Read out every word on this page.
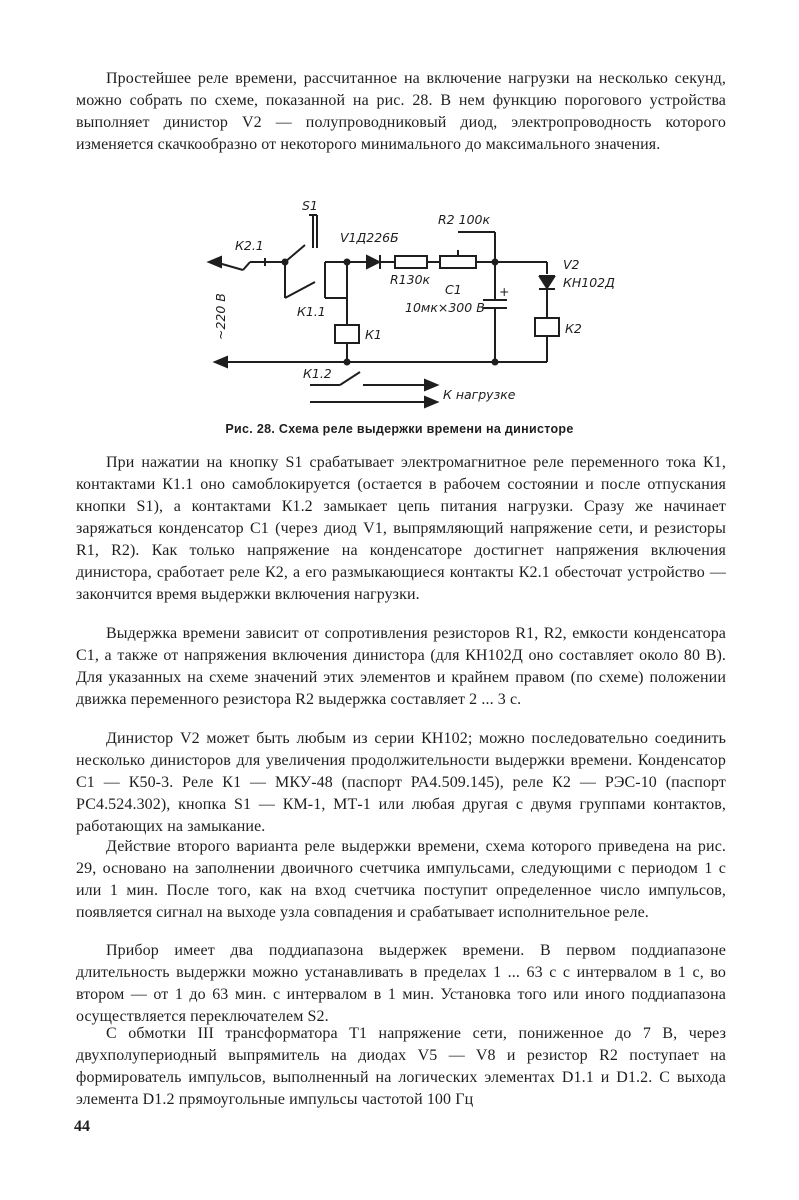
Простейшее реле времени, рассчитанное на включение нагрузки на несколько секунд, можно собрать по схеме, показанной на рис. 28. В нем функцию порогового устройства выполняет динистор V2 — полупроводниковый диод, электропроводность которого изменяется скачкообразно от некоторого минимального до максимального значения.

S1
К2.1
V1Д226Б
R2 100к
R130к
V2
КН102Д
С1
10мк×300 В
+
К1.1
К1	К2
~220 В
К1.2
К нагрузке
Рис. 28. Схема реле выдержки времени на динисторе

При нажатии на кнопку S1 срабатывает электромагнитное реле переменного тока К1, контактами К1.1 оно самоблокируется (остается в рабочем состоянии и после отпускания кнопки S1), а контактами К1.2 замыкает цепь питания нагрузки. Сразу же начинает заряжаться конденсатор С1 (через диод V1, выпрямляющий напряжение сети, и резисторы R1, R2). Как только напряжение на конденсаторе достигнет напряжения включения динистора, сработает реле К2, а его размыкающиеся контакты К2.1 обесточат устройство — закончится время выдержки включения нагрузки.

Выдержка времени зависит от сопротивления резисторов R1, R2, емкости конденсатора С1, а также от напряжения включения динистора (для КН102Д оно составляет около 80 В). Для указанных на схеме значений этих элементов и крайнем правом (по схеме) положении движка переменного резистора R2 выдержка составляет 2 ... 3 с.

Динистор V2 может быть любым из серии КН102; можно последовательно соединить несколько динисторов для увеличения продолжительности выдержки времени. Конденсатор С1 — К50-3. Реле К1 — МКУ-48 (паспорт РА4.509.145), реле К2 — РЭС-10 (паспорт РС4.524.302), кнопка S1 — КМ-1, МТ-1 или любая другая с двумя группами контактов, работающих на замыкание.

Действие второго варианта реле выдержки времени, схема которого приведена на рис. 29, основано на заполнении двоичного счетчика импульсами, следующими с периодом 1 с или 1 мин. После того, как на вход счетчика поступит определенное число импульсов, появляется сигнал на выходе узла совпадения и срабатывает исполнительное реле.

Прибор имеет два поддиапазона выдержек времени. В первом поддиапазоне длительность выдержки можно устанавливать в пределах 1 ... 63 с с интервалом в 1 с, во втором — от 1 до 63 мин. с интервалом в 1 мин. Установка того или иного поддиапазона осуществляется переключателем S2.

С обмотки III трансформатора Т1 напряжение сети, пониженное до 7 В, через двухполупериодный выпрямитель на диодах V5 — V8 и резистор R2 поступает на формирователь импульсов, выполненный на логических элементах D1.1 и D1.2. С выхода элемента D1.2 прямоугольные импульсы частотой 100 Гц

44
